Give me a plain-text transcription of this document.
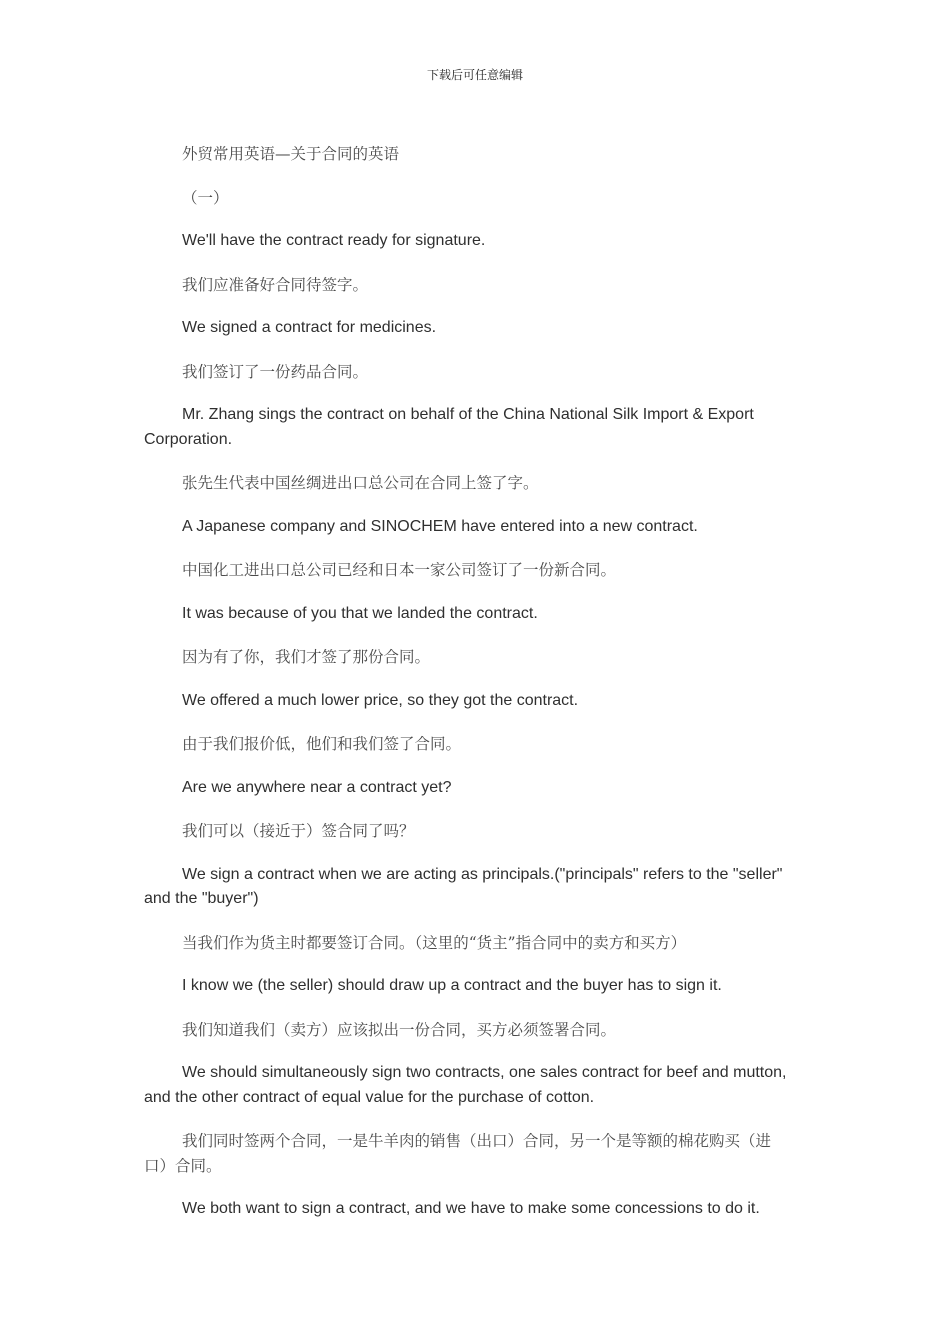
下载后可任意编辑

外贸常用英语—关于合同的英语

（一）

We'll have the contract ready for signature.

我们应准备好合同待签字。

We signed a contract for medicines.

我们签订了一份药品合同。

Mr. Zhang sings the contract on behalf of the China National Silk Import & Export Corporation.

张先生代表中国丝绸进出口总公司在合同上签了字。

A Japanese company and SINOCHEM have entered into a new contract.

中国化工进出口总公司已经和日本一家公司签订了一份新合同。

It was because of you that we landed the contract.

因为有了你，我们才签了那份合同。

We offered a much lower price, so they got the contract.

由于我们报价低，他们和我们签了合同。

Are we anywhere near a contract yet?

我们可以（接近于）签合同了吗？

We sign a contract when we are acting as principals.("principals" refers to the "seller" and the "buyer")

当我们作为货主时都要签订合同。（这里的“货主”指合同中的卖方和买方）

I know we (the seller) should draw up a contract and the buyer has to sign it.

我们知道我们（卖方）应该拟出一份合同，买方必须签署合同。

We should simultaneously sign two contracts, one sales contract for beef and mutton, and the other contract of equal value for the purchase of cotton.

我们同时签两个合同，一是牛羊肉的销售（出口）合同，另一个是等额的棉花购买（进口）合同。

We both want to sign a contract, and we have to make some concessions to do it.
